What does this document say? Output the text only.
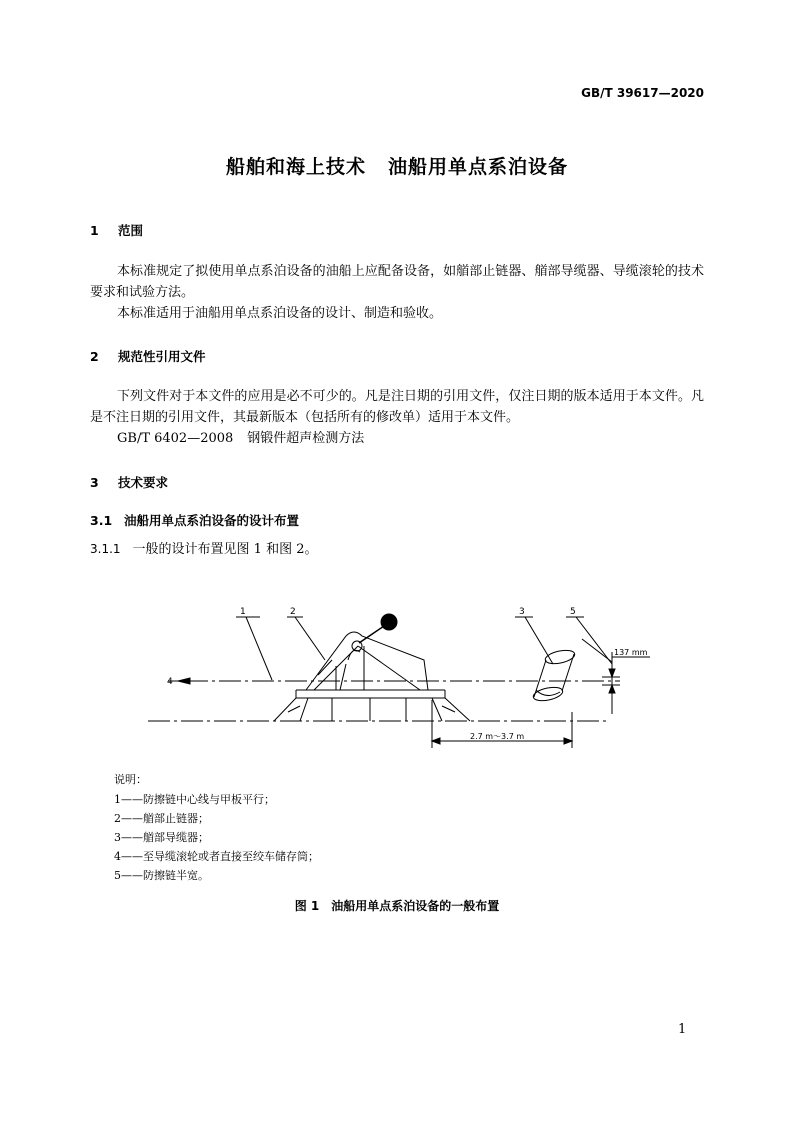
GB/T 39617—2020
船舶和海上技术 油船用单点系泊设备
1 范围
本标准规定了拟使用单点系泊设备的油船上应配备设备，如艏部止链器、艏部导缆器、导缆滚轮的技术要求和试验方法。
本标准适用于油船用单点系泊设备的设计、制造和验收。
2 规范性引用文件
下列文件对于本文件的应用是必不可少的。凡是注日期的引用文件，仅注日期的版本适用于本文件。凡是不注日期的引用文件，其最新版本（包括所有的修改单）适用于本文件。
GB/T 6402—2008 钢锻件超声检测方法
3 技术要求
3.1 油船用单点系泊设备的设计布置
3.1.1 一般的设计布置见图 1 和图 2。
1	2	3
4
5
137 mm
2.7 m～3.7 m
说明：
1——防擦链中心线与甲板平行；
2——艏部止链器；
3——艏部导缆器；
4——至导缆滚轮或者直接至绞车储存筒；
5——防擦链半宽。
图 1 油船用单点系泊设备的一般布置
1
